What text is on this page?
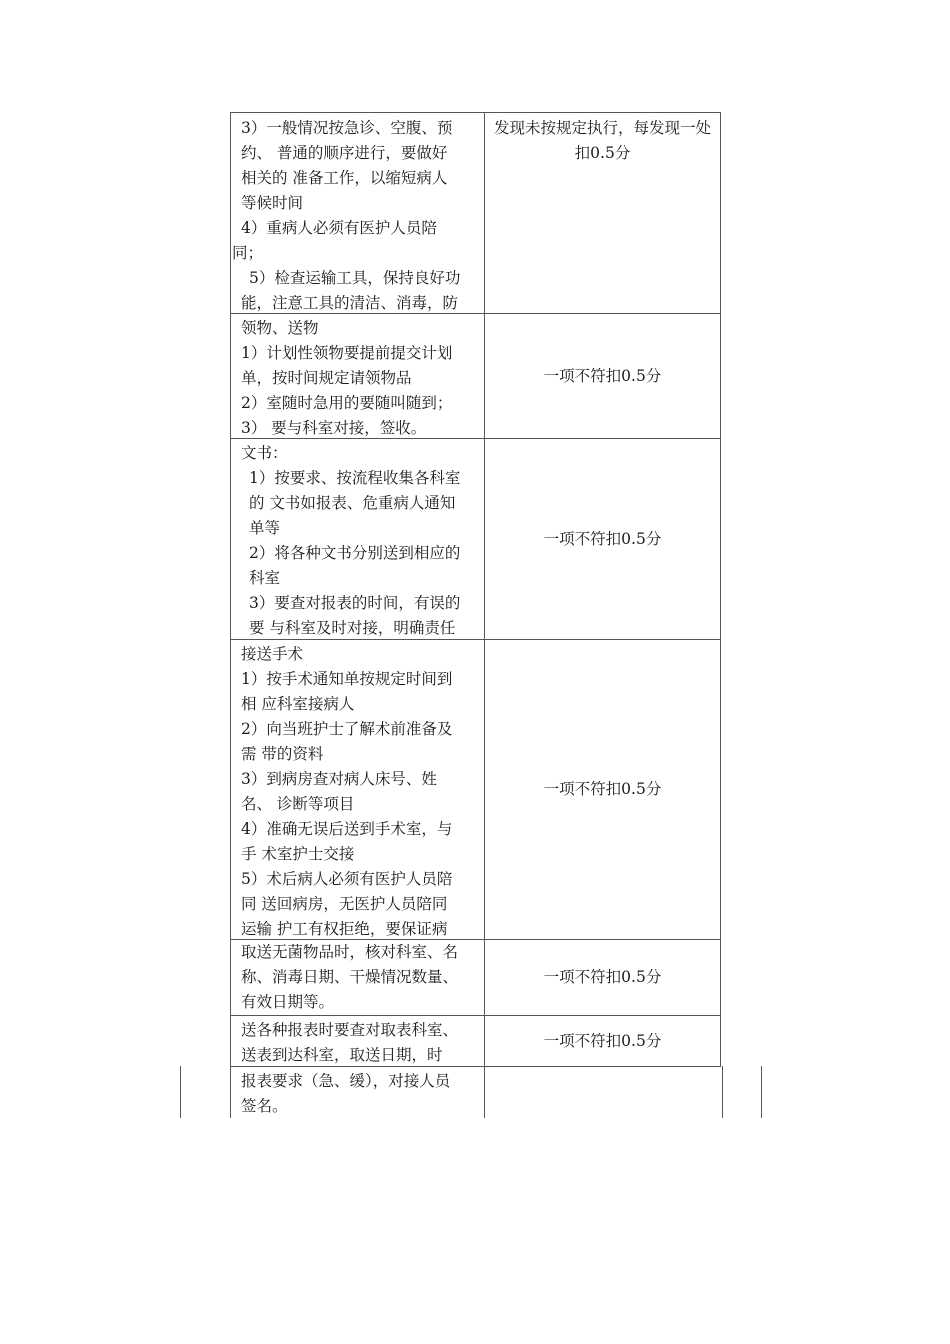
3）一般情况按急诊、空腹、预
约、 普通的顺序进行，要做好
相关的 准备工作，以缩短病人
等候时间
4）重病人必须有医护人员陪
同；
5）检查运输工具，保持良好功
能，注意工具的清洁、消毒，防
发现未按规定执行，每发现一处扣0.5分
领物、送物
1）计划性领物要提前提交计划
单，按时间规定请领物品
2）室随时急用的要随叫随到；
3） 要与科室对接，签收。
一项不符扣0.5分
文书：
1）按要求、按流程收集各科室
的 文书如报表、危重病人通知
单等
2）将各种文书分别送到相应的
科室
3）要查对报表的时间，有误的
要 与科室及时对接，明确责任
一项不符扣0.5分
接送手术
1）按手术通知单按规定时间到
相 应科室接病人
2）向当班护士了解术前准备及
需 带的资料
3）到病房查对病人床号、姓
名、 诊断等项目
4）准确无误后送到手术室，与
手 术室护士交接
5）术后病人必须有医护人员陪
同 送回病房，无医护人员陪同
运输 护工有权拒绝，要保证病
一项不符扣0.5分
取送无菌物品时，核对科室、名
称、消毒日期、干燥情况数量、
有效日期等。
一项不符扣0.5分
送各种报表时要查对取表科室、
送表到达科室，取送日期，时
一项不符扣0.5分
报表要求（急、缓），对接人员
签名。
